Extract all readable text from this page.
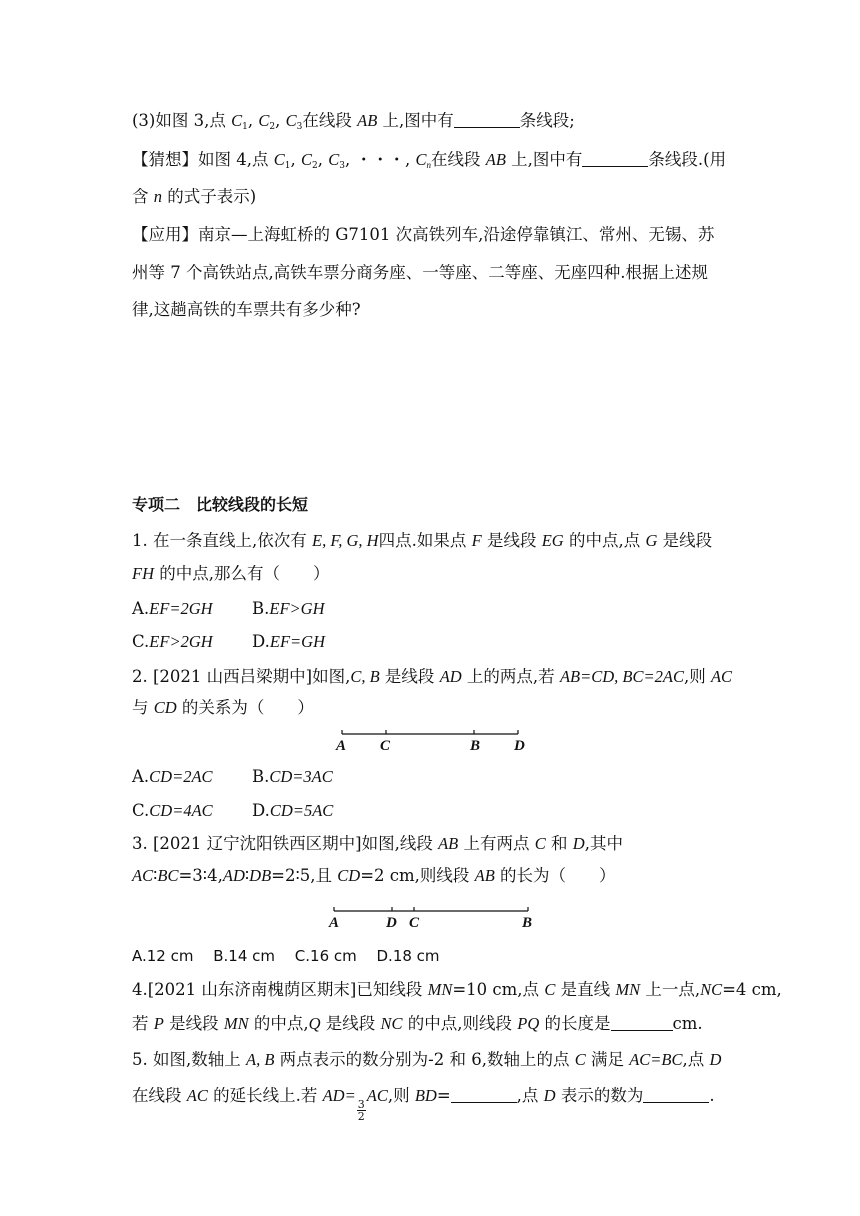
(3)如图 3,点 $C_1$, $C_2$, $C_3$在线段 AB 上,图中有	条线段;
【猜想】如图 4,点 $C_1$, $C_2$, $C_3$, ・・・, $C_n$在线段 AB 上,图中有	条线段.(用
含 n 的式子表示)
【应用】南京—上海虹桥的 G7101 次高铁列车,沿途停靠镇江、常州、无锡、苏
州等 7 个高铁站点,高铁车票分商务座、一等座、二等座、无座四种.根据上述规
律,这趟高铁的车票共有多少种?
专项二　比较线段的长短
1. 在一条直线上,依次有 E, F, G, H四点.如果点 F 是线段 EG 的中点,点 G 是线段
FH 的中点,那么有（　　）
A.EF=2GH B.EF>GH
C.EF>2GH D.EF=GH
2. [2021 山西吕梁期中]如图,C, B 是线段 AD 上的两点,若 AB=CD, BC=2AC,则 AC
与 CD 的关系为（　　）
A C	B D
A.CD=2AC B.CD=3AC
C.CD=4AC D.CD=5AC
3. [2021 辽宁沈阳铁西区期中]如图,线段 AB 上有两点 C 和 D,其中
AC∶BC=3∶4,AD∶DB=2∶5,且 CD=2 cm,则线段 AB 的长为（　　）
A	D C	B
A.12 cm　 B.14 cm　 C.16 cm　 D.18 cm
4.[2021 山东济南槐荫区期末]已知线段 MN=10 cm,点 C 是直线 MN 上一点,NC=4 cm,
若 P 是线段 MN 的中点,Q 是线段 NC 的中点,则线段 PQ 的长度是	cm.
5. 如图,数轴上 A, B 两点表示的数分别为-2 和 6,数轴上的点 C 满足 AC=BC,点 D
在线段 AC 的延长线上.若 AD=
$\frac{3}{2}$
AC,则 BD=	,点 D 表示的数为	.
